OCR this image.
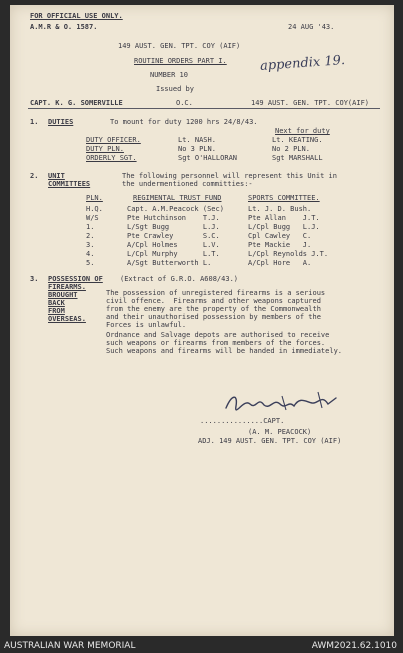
FOR OFFICIAL USE ONLY.
A.M.R & O. 1587.	24 AUG '43.
149 AUST. GEN. TPT. COY (AIF)
ROUTINE ORDERS PART I.
NUMBER 10
Issued by
appendix 19.
CAPT. K. G. SOMERVILLE	O.C.	149 AUST. GEN. TPT. COY(AIF)
1. DUTIES	To mount for duty 1200 hrs 24/8/43.
Next for duty
DUTY OFFICER.	Lt. NASH.	Lt. KEATING.
DUTY PLN.	No 3 PLN.	No 2 PLN.
ORDERLY SGT.	Sgt O'HALLORAN	Sgt MARSHALL
2. UNIT
COMMITTEES
The following personnel will represent this Unit in
the undermentioned committies:-
PLN.	REGIMENTAL TRUST FUND	SPORTS COMMITTEE.
H.Q.	Capt. A.M.Peacock (Sec)	Lt. J. D. Bush.
W/S	Pte Hutchinson    T.J.	Pte Allan    J.T.
1.	L/Sgt Bugg        L.J.	L/Cpl Bugg   L.J.
2.	Pte Crawley       S.C.	Cpl Cawley   C.
3.	A/Cpl Holmes      L.V.	Pte Mackie   J.
4.	L/Cpl Murphy      L.T.	L/Cpl Reynolds J.T.
5.	A/Sgt Butterworth L.	A/Cpl Hore   A.
3. POSSESSION OF
FIREARMS.
BROUGHT
BACK
FROM
OVERSEAS.
(Extract of G.R.O. A608/43.)
The possession of unregistered firearms is a serious
civil offence.  Firearms and other weapons captured
from the enemy are the property of the Commonwealth
and their unauthorised possession by members of the
Forces is unlawful.
Ordnance and Salvage depots are authorised to receive
such weapons or firearms from members of the forces.
Such weapons and firearms will be handed in immediately.
...............CAPT.
(A. M. PEACOCK)
ADJ. 149 AUST. GEN. TPT. COY (AIF)
AUSTRALIAN WAR MEMORIAL	AWM2021.62.1010
